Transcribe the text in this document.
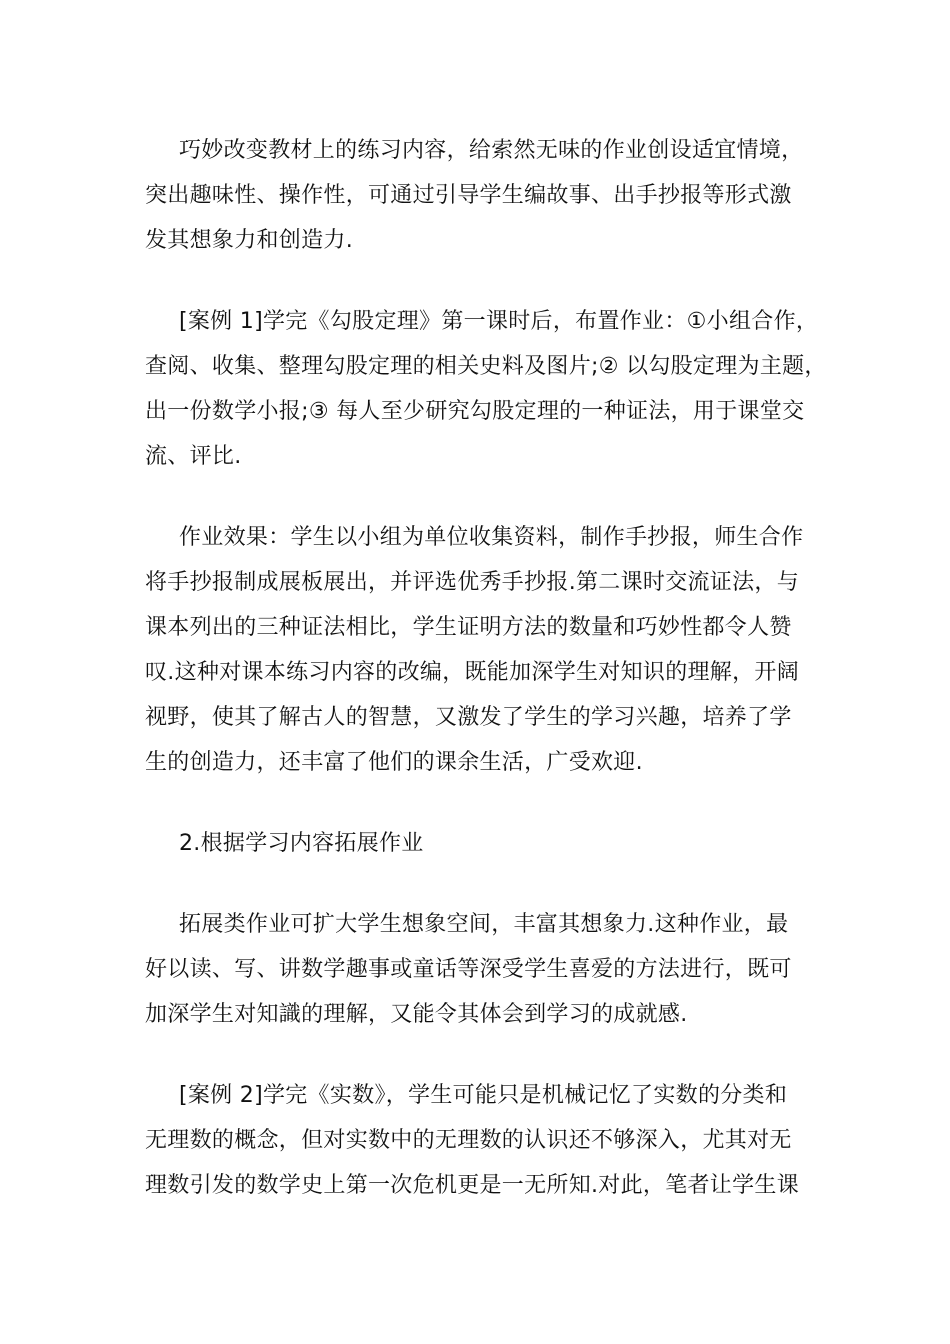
巧妙改变教材上的练习内容，给索然无味的作业创设适宜情境，
突出趣味性、操作性，可通过引导学生编故事、出手抄报等形式激
发其想象力和创造力.
[案例 1]学完《勾股定理》第一课时后，布置作业：①小组合作，
查阅、收集、整理勾股定理的相关史料及图片;② 以勾股定理为主题，
出一份数学小报;③ 每人至少研究勾股定理的一种证法，用于课堂交
流、评比.
作业效果：学生以小组为单位收集资料，制作手抄报，师生合作
将手抄报制成展板展出，并评选优秀手抄报.第二课时交流证法，与
课本列出的三种证法相比，学生证明方法的数量和巧妙性都令人赞
叹.这种对课本练习内容的改编，既能加深学生对知识的理解，开阔
视野，使其了解古人的智慧，又激发了学生的学习兴趣，培养了学
生的创造力，还丰富了他们的课余生活，广受欢迎.
2.根据学习内容拓展作业
拓展类作业可扩大学生想象空间，丰富其想象力.这种作业，最
好以读、写、讲数学趣事或童话等深受学生喜爱的方法进行，既可
加深学生对知識的理解，又能令其体会到学习的成就感.
[案例 2]学完《实数》，学生可能只是机械记忆了实数的分类和
无理数的概念，但对实数中的无理数的认识还不够深入，尤其对无
理数引发的数学史上第一次危机更是一无所知.对此，笔者让学生课
